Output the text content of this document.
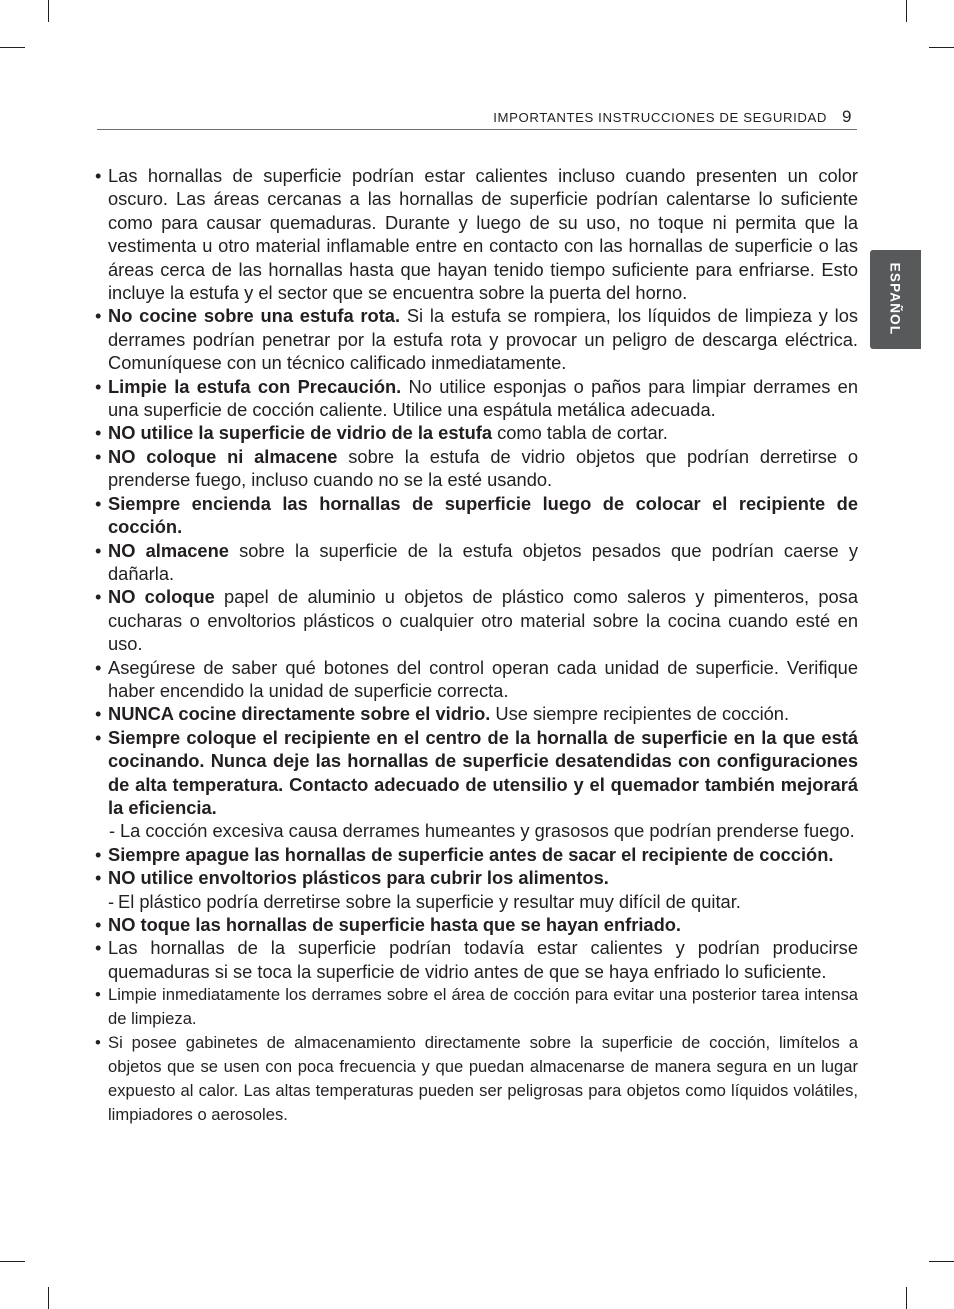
IMPORTANTES INSTRUCCIONES DE SEGURIDAD 9
ESPAÑOL
• Las hornallas de superficie podrían estar calientes incluso cuando presenten un color oscuro. Las áreas cercanas a las hornallas de superficie podrían calentarse lo suficiente como para causar quemaduras. Durante y luego de su uso, no toque ni permita que la vestimenta u otro material inflamable entre en contacto con las hornallas de superficie o las áreas cerca de las hornallas hasta que hayan tenido tiempo suficiente para enfriarse. Esto incluye la estufa y el sector que se encuentra sobre la puerta del horno.
• No cocine sobre una estufa rota. Si la estufa se rompiera, los líquidos de limpieza y los derrames podrían penetrar por la estufa rota y provocar un peligro de descarga eléctrica. Comuníquese con un técnico calificado inmediatamente.
• Limpie la estufa con Precaución. No utilice esponjas o paños para limpiar derrames en una superficie de cocción caliente. Utilice una espátula metálica adecuada.
• NO utilice la superficie de vidrio de la estufa como tabla de cortar.
• NO coloque ni almacene sobre la estufa de vidrio objetos que podrían derretirse o prenderse fuego, incluso cuando no se la esté usando.
• Siempre encienda las hornallas de superficie luego de colocar el recipiente de cocción.
• NO almacene sobre la superficie de la estufa objetos pesados que podrían caerse y dañarla.
• NO coloque papel de aluminio u objetos de plástico como saleros y pimenteros, posa cucharas o envoltorios plásticos o cualquier otro material sobre la cocina cuando esté en uso.
• Asegúrese de saber qué botones del control operan cada unidad de superficie. Verifique haber encendido la unidad de superficie correcta.
• NUNCA cocine directamente sobre el vidrio. Use siempre recipientes de cocción.
• Siempre coloque el recipiente en el centro de la hornalla de superficie en la que está cocinando. Nunca deje las hornallas de superficie desatendidas con configuraciones de alta temperatura. Contacto adecuado de utensilio y el quemador también mejorará la eficiencia.
- La cocción excesiva causa derrames humeantes y grasosos que podrían prenderse fuego.
• Siempre apague las hornallas de superficie antes de sacar el recipiente de cocción.
• NO utilice envoltorios plásticos para cubrir los alimentos.
- El plástico podría derretirse sobre la superficie y resultar muy difícil de quitar.
• NO toque las hornallas de superficie hasta que se hayan enfriado.
• Las hornallas de la superficie podrían todavía estar calientes y podrían producirse quemaduras si se toca la superficie de vidrio antes de que se haya enfriado lo suficiente.
• Limpie inmediatamente los derrames sobre el área de cocción para evitar una posterior tarea intensa de limpieza.
• Si posee gabinetes de almacenamiento directamente sobre la superficie de cocción, limítelos a objetos que se usen con poca frecuencia y que puedan almacenarse de manera segura en un lugar expuesto al calor. Las altas temperaturas pueden ser peligrosas para objetos como líquidos volátiles, limpiadores o aerosoles.
